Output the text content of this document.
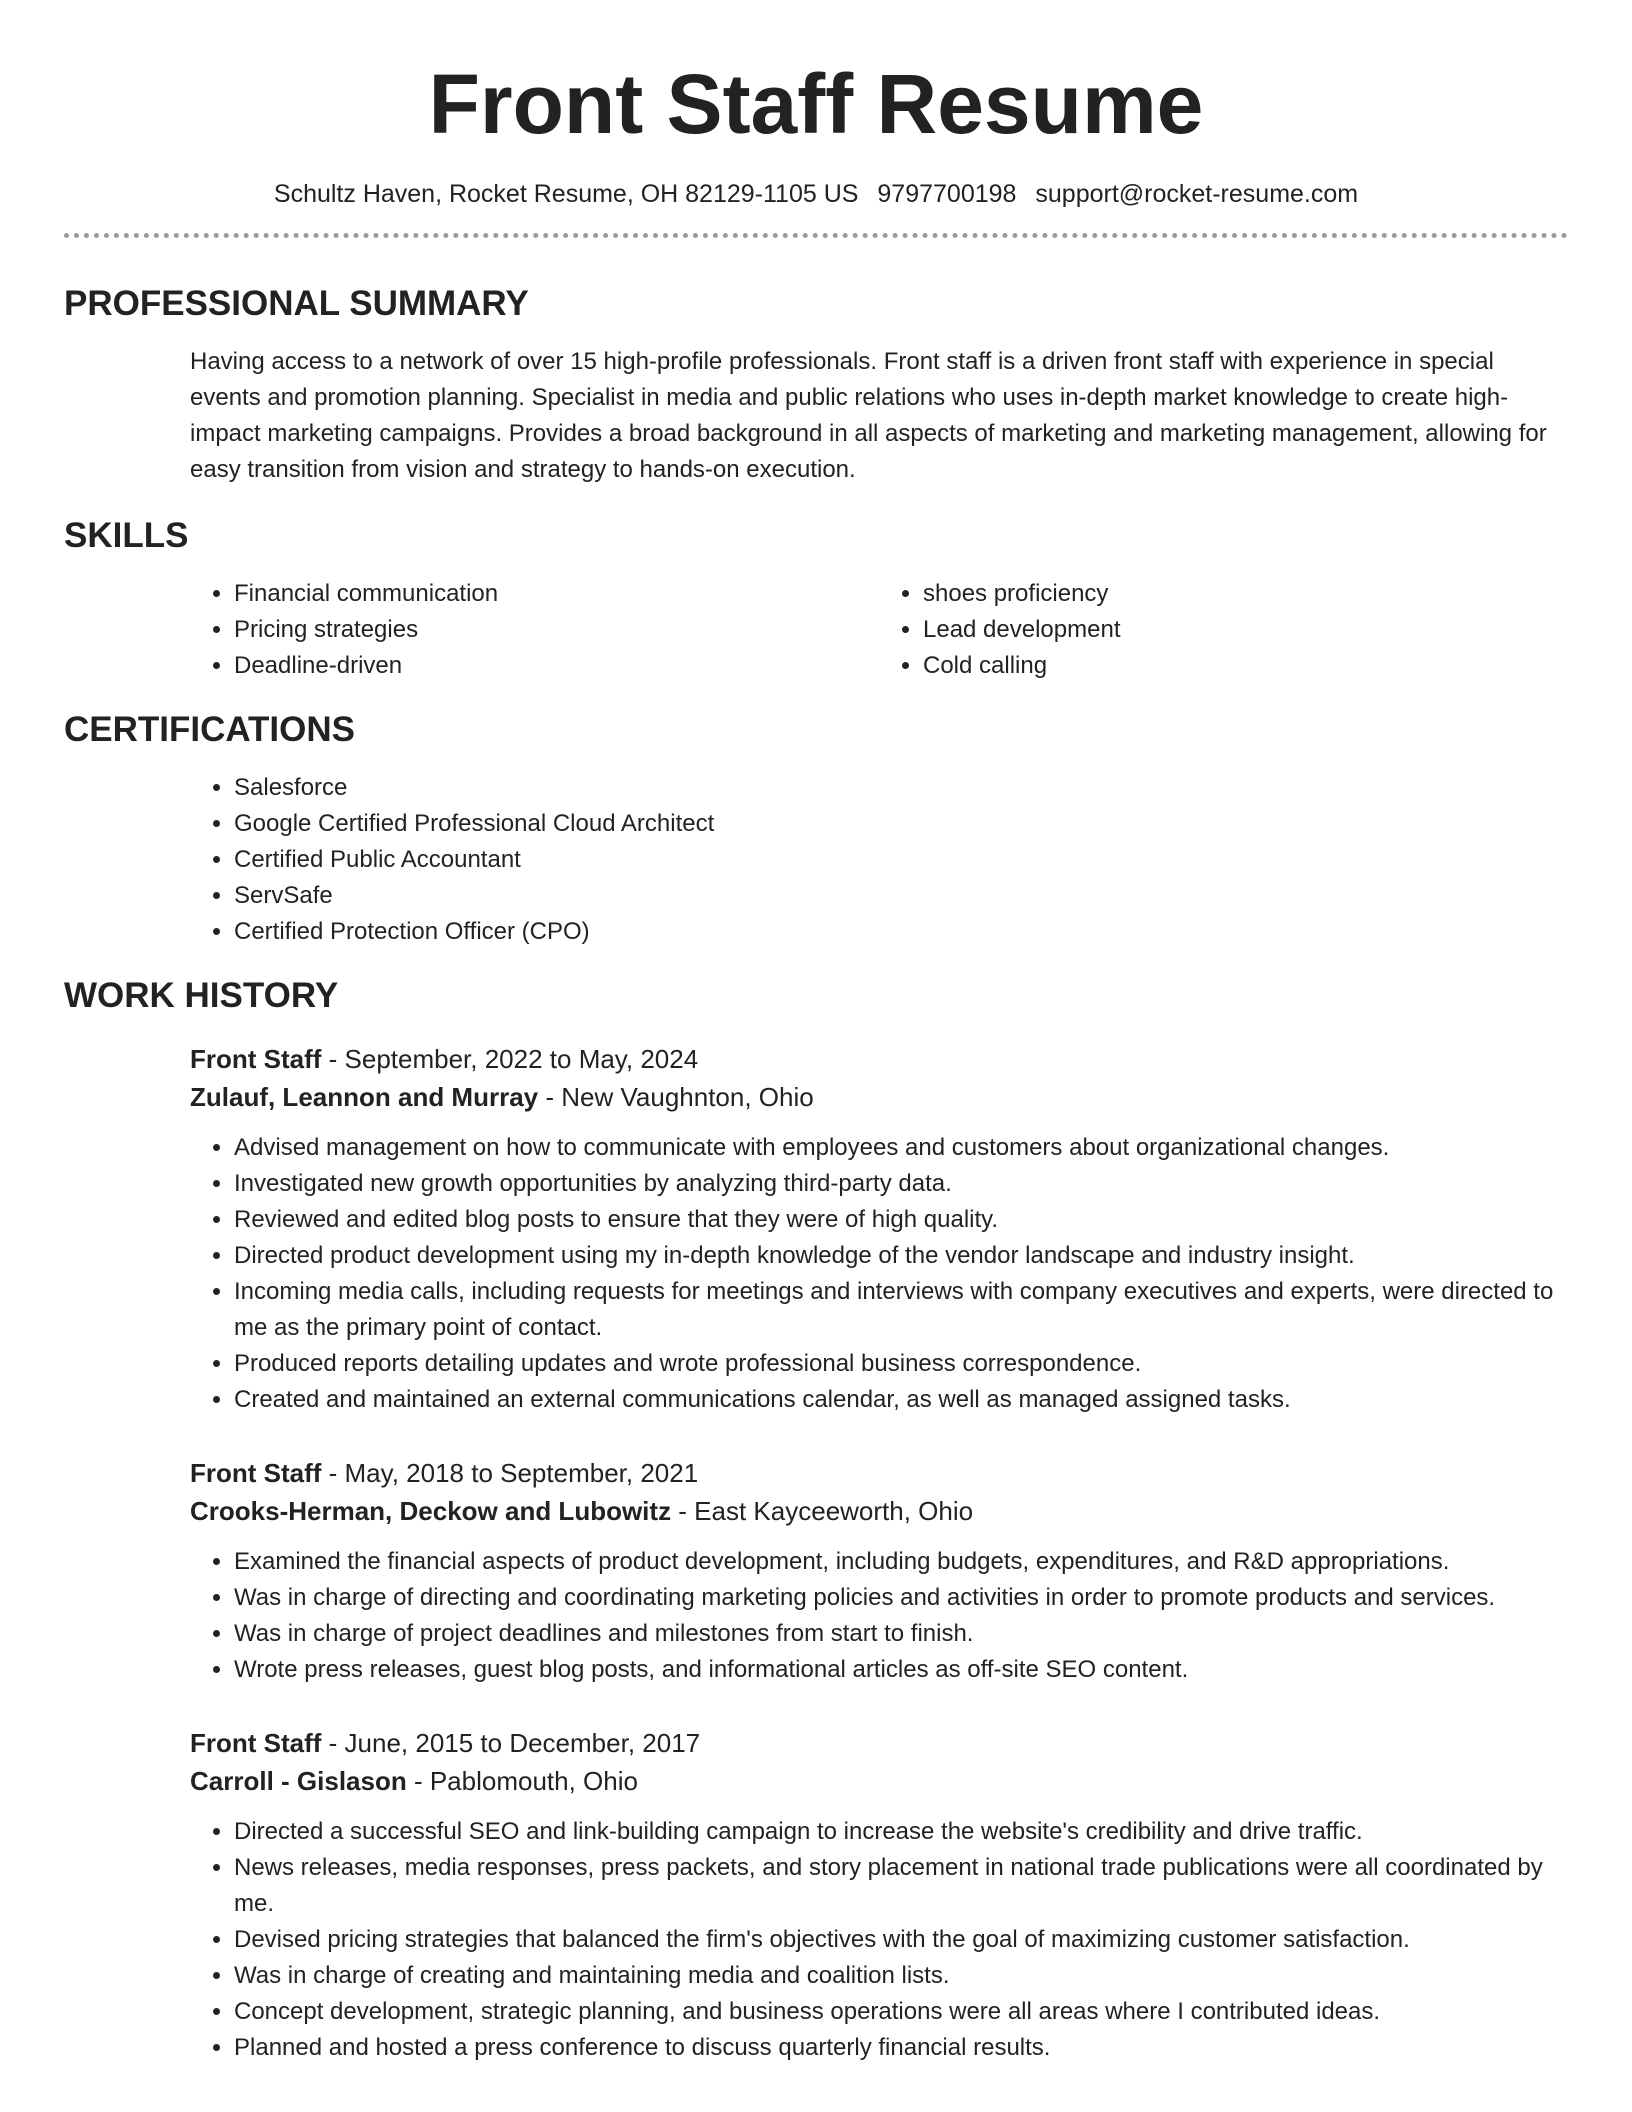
Front Staff Resume
Schultz Haven, Rocket Resume, OH 82129-1105 US 9797700198 support@rocket-resume.com
PROFESSIONAL SUMMARY
Having access to a network of over 15 high-profile professionals. Front staff is a driven front staff with experience in special events and promotion planning. Specialist in media and public relations who uses in-depth market knowledge to create high-impact marketing campaigns. Provides a broad background in all aspects of marketing and marketing management, allowing for easy transition from vision and strategy to hands-on execution.
SKILLS
• Financial communication
• Pricing strategies
• Deadline-driven
• shoes proficiency
• Lead development
• Cold calling
CERTIFICATIONS
• Salesforce
• Google Certified Professional Cloud Architect
• Certified Public Accountant
• ServSafe
• Certified Protection Officer (CPO)
WORK HISTORY
Front Staff - September, 2022 to May, 2024
Zulauf, Leannon and Murray - New Vaughnton, Ohio
• Advised management on how to communicate with employees and customers about organizational changes.
• Investigated new growth opportunities by analyzing third-party data.
• Reviewed and edited blog posts to ensure that they were of high quality.
• Directed product development using my in-depth knowledge of the vendor landscape and industry insight.
• Incoming media calls, including requests for meetings and interviews with company executives and experts, were directed to me as the primary point of contact.
• Produced reports detailing updates and wrote professional business correspondence.
• Created and maintained an external communications calendar, as well as managed assigned tasks.
Front Staff - May, 2018 to September, 2021
Crooks-Herman, Deckow and Lubowitz - East Kayceeworth, Ohio
• Examined the financial aspects of product development, including budgets, expenditures, and R&D appropriations.
• Was in charge of directing and coordinating marketing policies and activities in order to promote products and services.
• Was in charge of project deadlines and milestones from start to finish.
• Wrote press releases, guest blog posts, and informational articles as off-site SEO content.
Front Staff - June, 2015 to December, 2017
Carroll - Gislason - Pablomouth, Ohio
• Directed a successful SEO and link-building campaign to increase the website's credibility and drive traffic.
• News releases, media responses, press packets, and story placement in national trade publications were all coordinated by me.
• Devised pricing strategies that balanced the firm's objectives with the goal of maximizing customer satisfaction.
• Was in charge of creating and maintaining media and coalition lists.
• Concept development, strategic planning, and business operations were all areas where I contributed ideas.
• Planned and hosted a press conference to discuss quarterly financial results.
